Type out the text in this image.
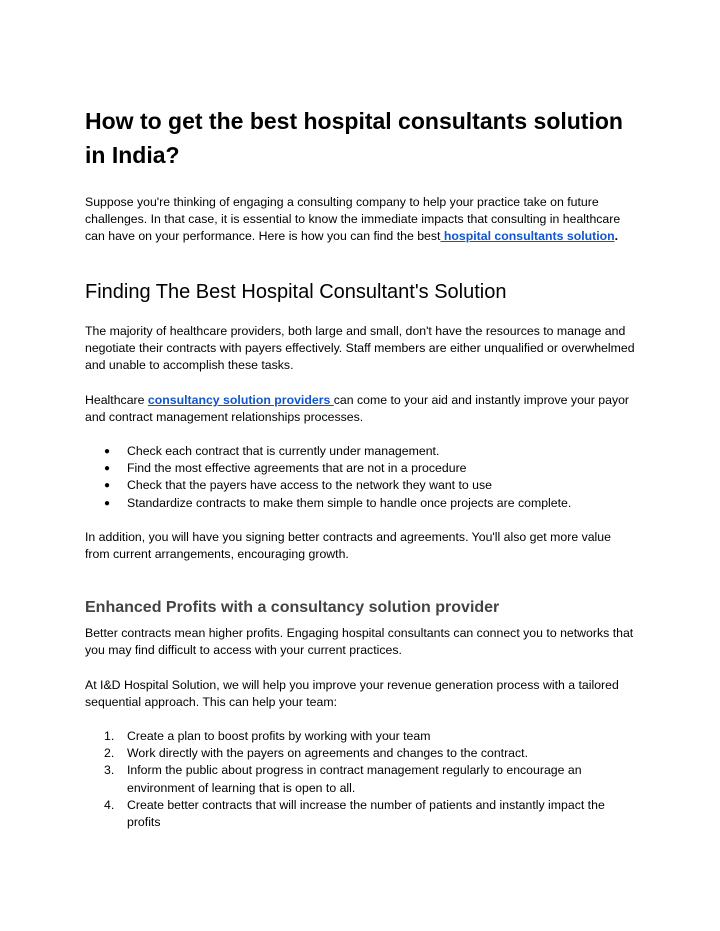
How to get the best hospital consultants solution in India?

Suppose you're thinking of engaging a consulting company to help your practice take on future challenges. In that case, it is essential to know the immediate impacts that consulting in healthcare can have on your performance. Here is how you can find the best hospital consultants solution.

Finding The Best Hospital Consultant's Solution

The majority of healthcare providers, both large and small, don't have the resources to manage and negotiate their contracts with payers effectively. Staff members are either unqualified or overwhelmed and unable to accomplish these tasks.

Healthcare consultancy solution providers can come to your aid and instantly improve your payor and contract management relationships processes.

● Check each contract that is currently under management.
● Find the most effective agreements that are not in a procedure
● Check that the payers have access to the network they want to use
● Standardize contracts to make them simple to handle once projects are complete.

In addition, you will have you signing better contracts and agreements. You'll also get more value from current arrangements, encouraging growth.

Enhanced Profits with a consultancy solution provider

Better contracts mean higher profits. Engaging hospital consultants can connect you to networks that you may find difficult to access with your current practices.

At I&D Hospital Solution, we will help you improve your revenue generation process with a tailored sequential approach. This can help your team:

1. Create a plan to boost profits by working with your team
2. Work directly with the payers on agreements and changes to the contract.
3. Inform the public about progress in contract management regularly to encourage an environment of learning that is open to all.
4. Create better contracts that will increase the number of patients and instantly impact the profits
